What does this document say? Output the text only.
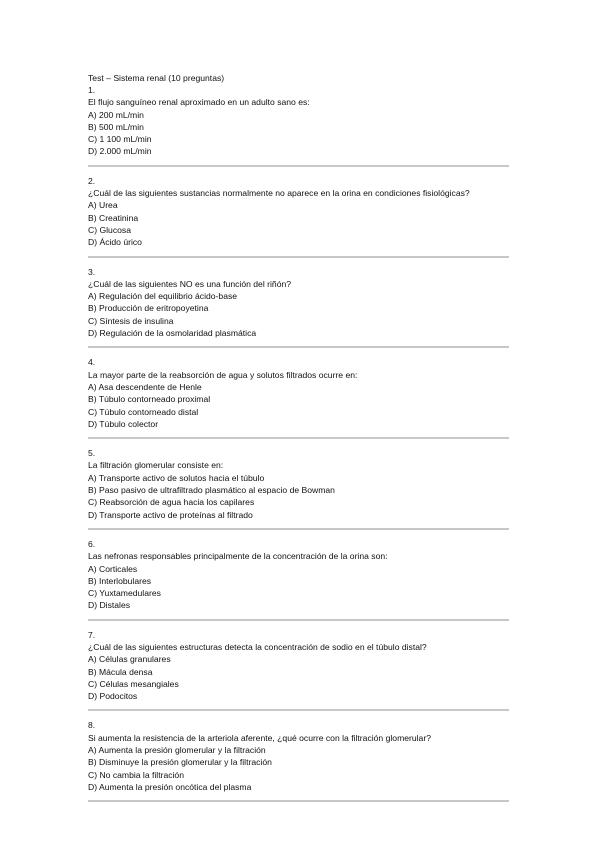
Test – Sistema renal (10 preguntas)
1.
El flujo sanguíneo renal aproximado en un adulto sano es:
A) 200 mL/min
B) 500 mL/min
C) 1 100 mL/min
D) 2.000 mL/min
2.
¿Cuál de las siguientes sustancias normalmente no aparece en la orina en condiciones fisiológicas?
A) Urea
B) Creatinina
C) Glucosa
D) Ácido úrico
3.
¿Cuál de las siguientes NO es una función del riñón?
A) Regulación del equilibrio ácido-base
B) Producción de eritropoyetina
C) Síntesis de insulina
D) Regulación de la osmolaridad plasmática
4.
La mayor parte de la reabsorción de agua y solutos filtrados ocurre en:
A) Asa descendente de Henle
B) Túbulo contorneado proximal
C) Túbulo contorneado distal
D) Túbulo colector
5.
La filtración glomerular consiste en:
A) Transporte activo de solutos hacia el túbulo
B) Paso pasivo de ultrafiltrado plasmático al espacio de Bowman
C) Reabsorción de agua hacia los capilares
D) Transporte activo de proteínas al filtrado
6.
Las nefronas responsables principalmente de la concentración de la orina son:
A) Corticales
B) Interlobulares
C) Yuxtamedulares
D) Distales
7.
¿Cuál de las siguientes estructuras detecta la concentración de sodio en el túbulo distal?
A) Células granulares
B) Mácula densa
C) Células mesangiales
D) Podocitos
8.
Si aumenta la resistencia de la arteriola aferente, ¿qué ocurre con la filtración glomerular?
A) Aumenta la presión glomerular y la filtración
B) Disminuye la presión glomerular y la filtración
C) No cambia la filtración
D) Aumenta la presión oncótica del plasma
